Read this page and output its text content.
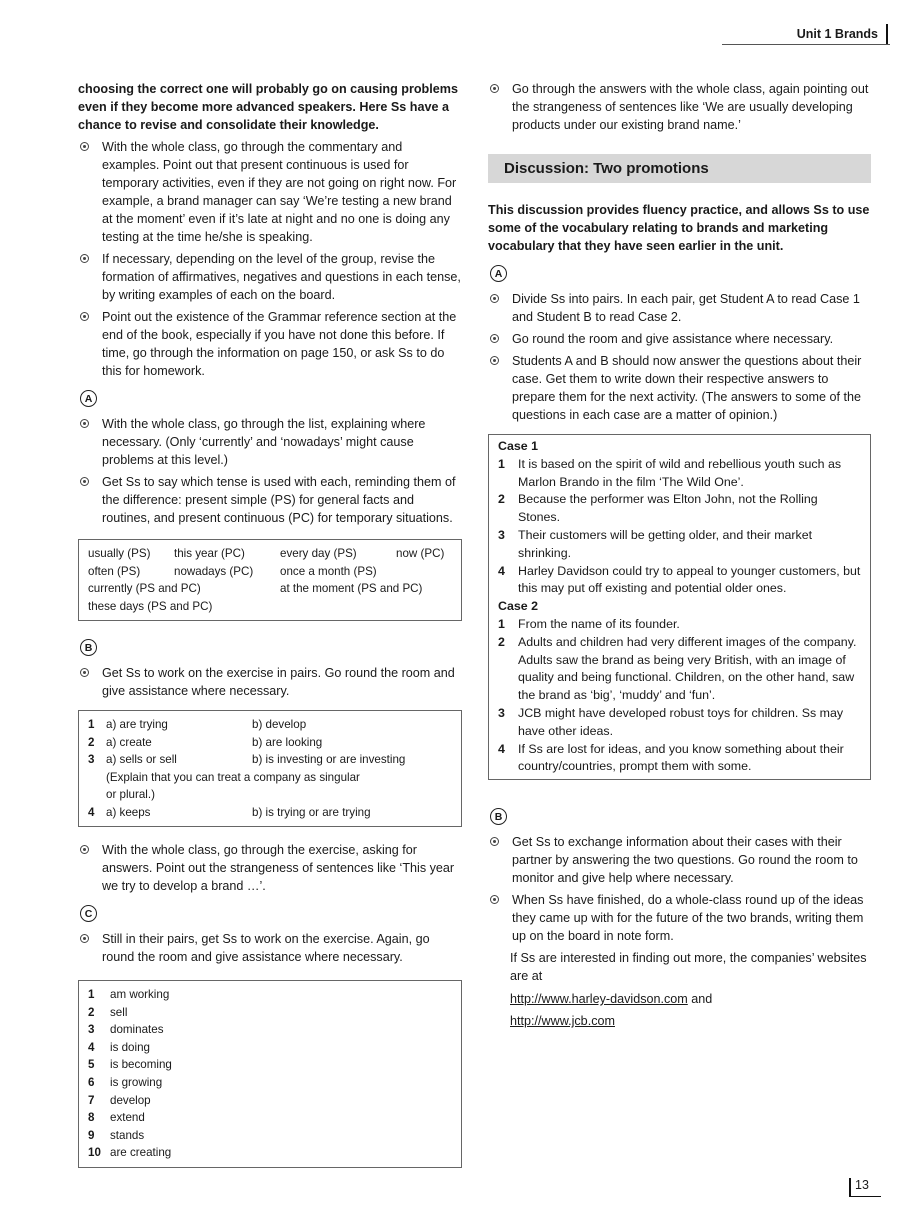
Unit 1 Brands

choosing the correct one will probably go on causing problems even if they become more advanced speakers. Here Ss have a chance to revise and consolidate their knowledge.

With the whole class, go through the commentary and examples. Point out that present continuous is used for temporary activities, even if they are not going on right now. For example, a brand manager can say ‘We’re testing a new brand at the moment’ even if it’s late at night and no one is doing any testing at the time he/she is speaking.
If necessary, depending on the level of the group, revise the formation of affirmatives, negatives and questions in each tense, by writing examples of each on the board.
Point out the existence of the Grammar reference section at the end of the book, especially if you have not done this before. If time, go through the information on page 150, or ask Ss to do this for homework.
A
With the whole class, go through the list, explaining where necessary. (Only ‘currently’ and ‘nowadays’ might cause problems at this level.)
Get Ss to say which tense is used with each, reminding them of the difference: present simple (PS) for general facts and routines, and present continuous (PC) for temporary situations.
usually (PS)	this year (PC)	every day (PS)	now (PC)
often (PS)	nowadays (PC)	once a month (PS)
currently (PS and PC)	at the moment (PS and PC)
these days (PS and PC)
B
Get Ss to work on the exercise in pairs. Go round the room and give assistance where necessary.
1 a) are trying	b) develop
2 a) create	b) are looking
3 a) sells or sell	b) is investing or are investing
(Explain that you can treat a company as singular
or plural.)
4 a) keeps	b) is trying or are trying
With the whole class, go through the exercise, asking for answers. Point out the strangeness of sentences like ‘This year we try to develop a brand …’.
C
Still in their pairs, get Ss to work on the exercise. Again, go round the room and give assistance where necessary.
1	am working
2	sell
3	dominates
4	is doing
5	is becoming
6	is growing
7	develop
8	extend
9	stands
10 are creating
Go through the answers with the whole class, again pointing out the strangeness of sentences like ‘We are usually developing products under our existing brand name.’
Discussion: Two promotions

This discussion provides fluency practice, and allows Ss to use some of the vocabulary relating to brands and marketing vocabulary that they have seen earlier in the unit.

A
Divide Ss into pairs. In each pair, get Student A to read Case 1 and Student B to read Case 2.
Go round the room and give assistance where necessary.
Students A and B should now answer the questions about their case. Get them to write down their respective answers to prepare them for the next activity. (The answers to some of the questions in each case are a matter of opinion.)
Case 1
1	It is based on the spirit of wild and rebellious youth such as Marlon Brando in the film ‘The Wild One’.
2	Because the performer was Elton John, not the Rolling Stones.
3	Their customers will be getting older, and their market shrinking.
4	Harley Davidson could try to appeal to younger customers, but this may put off existing and potential older ones.
Case 2
1	From the name of its founder.
2	Adults and children had very different images of the company. Adults saw the brand as being very British, with an image of quality and being functional. Children, on the other hand, saw the brand as ‘big’, ‘muddy’ and ‘fun’.
3	JCB might have developed robust toys for children. Ss may have other ideas.
4	If Ss are lost for ideas, and you know something about their country/countries, prompt them with some.
B
Get Ss to exchange information about their cases with their partner by answering the two questions. Go round the room to monitor and give help where necessary.
When Ss have finished, do a whole-class round up of the ideas they came up with for the future of the two brands, writing them up on the board in note form.

If Ss are interested in finding out more, the companies’ websites are at

http://www.harley-davidson.com and

http://www.jcb.com

13
